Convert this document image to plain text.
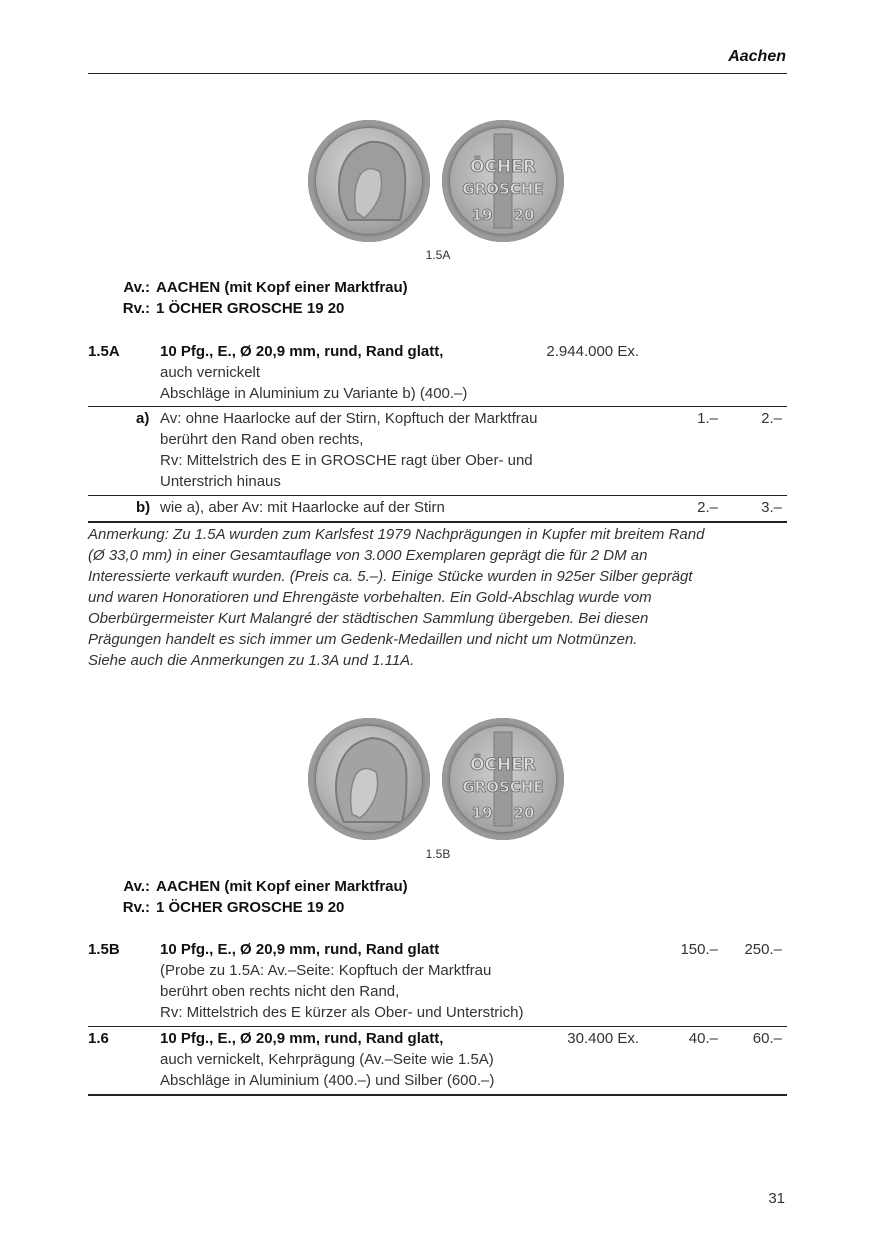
Aachen
ÖCHER
GROSCHE
19 20
1.5A
Av.: AACHEN (mit Kopf einer Marktfrau)
Rv.: 1 ÖCHER GROSCHE 19 20
1.5A	10 Pfg., E., Ø 20,9 mm, rund, Rand glatt,
auch vernickelt
Abschläge in Aluminium zu Variante b) (400.–)
2.944.000 Ex.
a) Av: ohne Haarlocke auf der Stirn, Kopftuch der Marktfrau
berührt den Rand oben rechts,
Rv: Mittelstrich des E in GROSCHE ragt über Ober- und
Unterstrich hinaus
1.–	2.–
b) wie a), aber Av: mit Haarlocke auf der Stirn	2.–	3.–
Anmerkung: Zu 1.5A wurden zum Karlsfest 1979 Nachprägungen in Kupfer mit breitem Rand
(Ø 33,0 mm) in einer Gesamtauflage von 3.000 Exemplaren geprägt die für 2 DM an
Interessierte verkauft wurden. (Preis ca. 5.–). Einige Stücke wurden in 925er Silber geprägt
und waren Honoratioren und Ehrengäste vorbehalten. Ein Gold-Abschlag wurde vom
Oberbürgermeister Kurt Malangré der städtischen Sammlung übergeben. Bei diesen
Prägungen handelt es sich immer um Gedenk-Medaillen und nicht um Notmünzen.
Siehe auch die Anmerkungen zu 1.3A und 1.11A.
ÖCHER
GROSCHE
19 20
1.5B
Av.: AACHEN (mit Kopf einer Marktfrau)
Rv.: 1 ÖCHER GROSCHE 19 20
1.5B	10 Pfg., E., Ø 20,9 mm, rund, Rand glatt
(Probe zu 1.5A: Av.–Seite: Kopftuch der Marktfrau
berührt oben rechts nicht den Rand,
Rv: Mittelstrich des E kürzer als Ober- und Unterstrich)
150.–	250.–
1.6	10 Pfg., E., Ø 20,9 mm, rund, Rand glatt,
auch vernickelt, Kehrprägung (Av.–Seite wie 1.5A)
Abschläge in Aluminium (400.–) und Silber (600.–)
30.400 Ex.	40.–	60.–
31
